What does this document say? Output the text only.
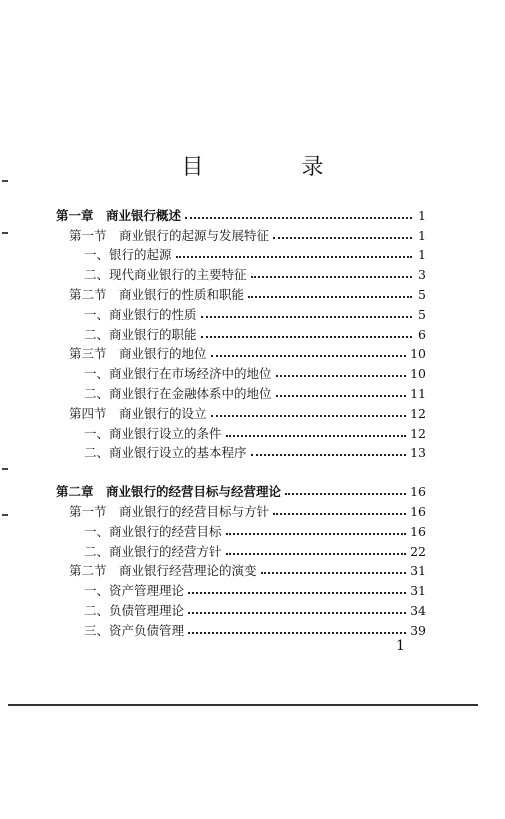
目　录
第一章　商业银行概述	1
第一节　商业银行的起源与发展特征	1
一、银行的起源	1
二、现代商业银行的主要特征	3
第二节　商业银行的性质和职能	5
一、商业银行的性质	5
二、商业银行的职能	6
第三节　商业银行的地位	10
一、商业银行在市场经济中的地位	10
二、商业银行在金融体系中的地位	11
第四节　商业银行的设立	12
一、商业银行设立的条件	12
二、商业银行设立的基本程序	13
第二章　商业银行的经营目标与经营理论	16
第一节　商业银行的经营目标与方针	16
一、商业银行的经营目标	16
二、商业银行的经营方针	22
第二节　商业银行经营理论的演变	31
一、资产管理理论	31
二、负债管理理论	34
三、资产负债管理	39
1
